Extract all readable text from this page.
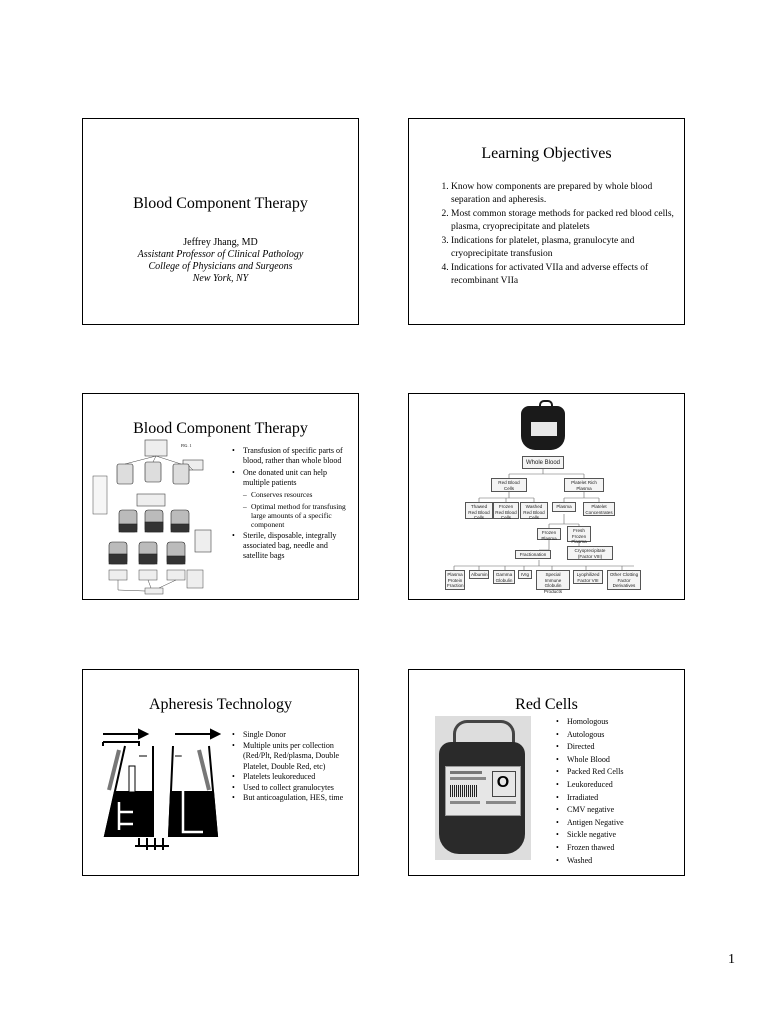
Blood Component Therapy
Jeffrey Jhang, MD
Assistant Professor of Clinical Pathology
College of Physicians and Surgeons
New York, NY
Learning Objectives
1. Know how components are prepared by whole blood separation and apheresis.
2. Most common storage methods for packed red blood cells, plasma, cryoprecipitate and platelets
3. Indications for platelet, plasma, granulocyte and cryoprecipitate transfusion
4. Indications for activated VIIa and adverse effects of recombinant VIIa
Blood Component Therapy
FIG. 1
• Transfusion of specific parts of blood, rather than whole blood
• One donated unit can help multiple patients
– Conserves resources
– Optimal method for transfusing large amounts of a specific component
• Sterile, disposable, integrally associated bag, needle and satellite bags
Whole Blood
Red Blood Cells
Platelet Rich Plasma
Thawed Red Blood Cells
Frozen Red Blood Cells
Washed Red Blood Cells
Plasma	Platelet Concentrates
Frozen Plasma
Fresh Frozen Plasma
Cryoprecipitate (Factor VIII)
Fractionation
Plasma Protein Fraction
Albumin	Gamma Globulin
IVIg	Special Immune Globulin Products
Lyophilized Factor VIII
Other Clotting Factor Derivatives
Apheresis Technology
• Single Donor
• Multiple units per collection (Red/Plt, Red/plasma, Double Platelet, Double Red, etc)
• Platelets leukoreduced
• Used to collect granulocytes
• But anticoagulation, HES, time
Red Cells
O
• Homologous
• Autologous
• Directed
• Whole Blood
• Packed Red Cells
• Leukoreduced
• Irradiated
• CMV negative
• Antigen Negative
• Sickle negative
• Frozen thawed
• Washed
1
